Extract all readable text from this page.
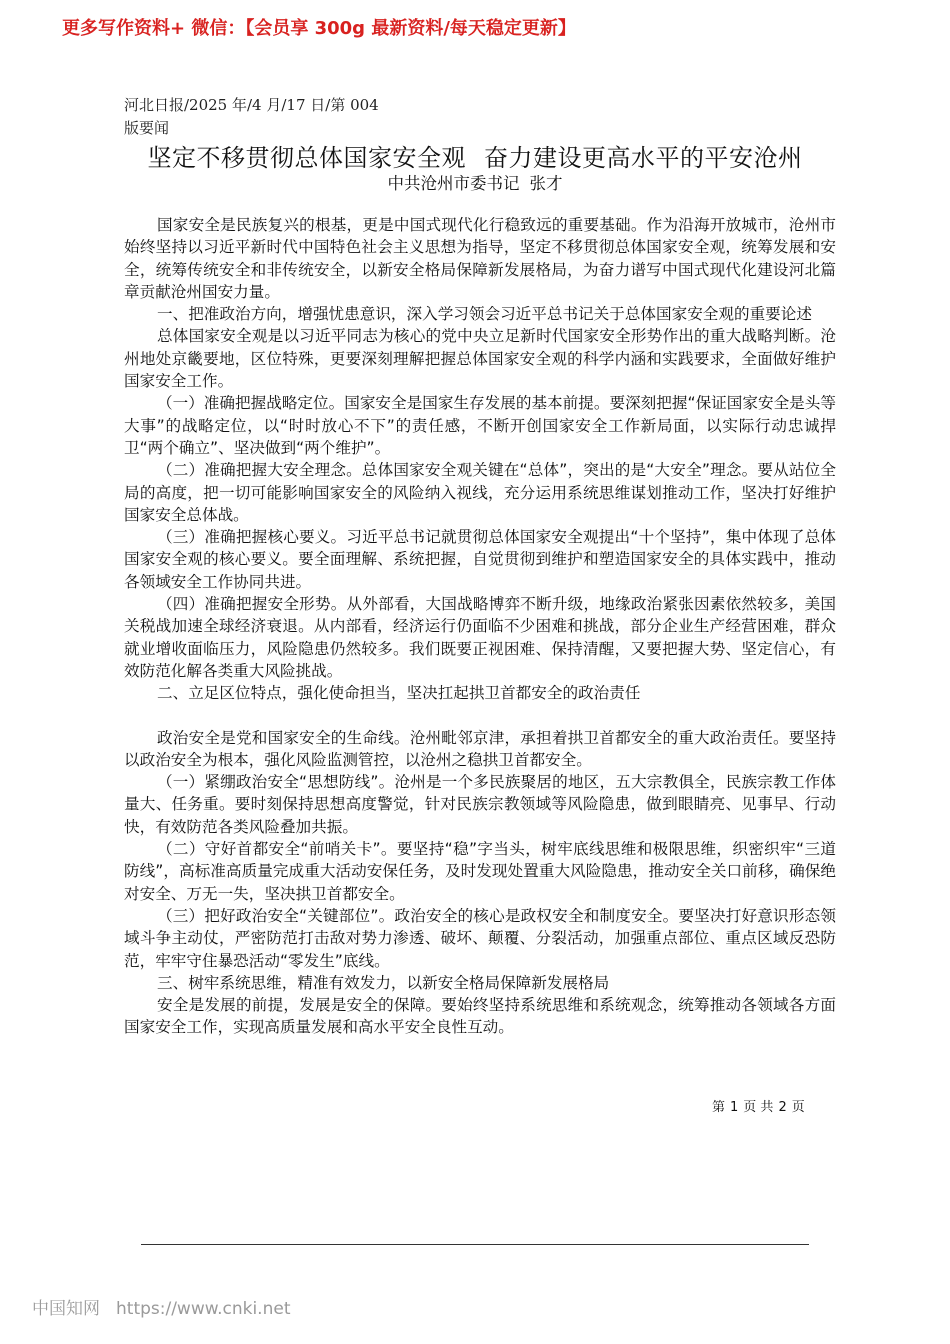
更多写作资料+ 微信：【会员享 300g 最新资料/每天稳定更新】
河北日报/2025 年/4 月/17 日/第 004
版要闻
坚定不移贯彻总体国家安全观 奋力建设更高水平的平安沧州
中共沧州市委书记 张才

国家安全是民族复兴的根基，更是中国式现代化行稳致远的重要基础。作为沿海开放城市，沧州市始终坚持以习近平新时代中国特色社会主义思想为指导，坚定不移贯彻总体国家安全观，统筹发展和安全，统筹传统安全和非传统安全，以新安全格局保障新发展格局，为奋力谱写中国式现代化建设河北篇章贡献沧州国安力量。

一、把准政治方向，增强忧患意识，深入学习领会习近平总书记关于总体国家安全观的重要论述

总体国家安全观是以习近平同志为核心的党中央立足新时代国家安全形势作出的重大战略判断。沧州地处京畿要地，区位特殊，更要深刻理解把握总体国家安全观的科学内涵和实践要求，全面做好维护国家安全工作。

（一）准确把握战略定位。国家安全是国家生存发展的基本前提。要深刻把握“保证国家安全是头等大事”的战略定位，以“时时放心不下”的责任感，不断开创国家安全工作新局面，以实际行动忠诚捍卫“两个确立”、坚决做到“两个维护”。

（二）准确把握大安全理念。总体国家安全观关键在“总体”，突出的是“大安全”理念。要从站位全局的高度，把一切可能影响国家安全的风险纳入视线，充分运用系统思维谋划推动工作，坚决打好维护国家安全总体战。

（三）准确把握核心要义。习近平总书记就贯彻总体国家安全观提出“十个坚持”，集中体现了总体国家安全观的核心要义。要全面理解、系统把握，自觉贯彻到维护和塑造国家安全的具体实践中，推动各领域安全工作协同共进。

（四）准确把握安全形势。从外部看，大国战略博弈不断升级，地缘政治紧张因素依然较多，美国关税战加速全球经济衰退。从内部看，经济运行仍面临不少困难和挑战，部分企业生产经营困难，群众就业增收面临压力，风险隐患仍然较多。我们既要正视困难、保持清醒，又要把握大势、坚定信心，有效防范化解各类重大风险挑战。

二、立足区位特点，强化使命担当，坚决扛起拱卫首都安全的政治责任

政治安全是党和国家安全的生命线。沧州毗邻京津，承担着拱卫首都安全的重大政治责任。要坚持以政治安全为根本，强化风险监测管控，以沧州之稳拱卫首都安全。

（一）紧绷政治安全“思想防线”。沧州是一个多民族聚居的地区，五大宗教俱全，民族宗教工作体量大、任务重。要时刻保持思想高度警觉，针对民族宗教领域等风险隐患，做到眼睛亮、见事早、行动快，有效防范各类风险叠加共振。

（二）守好首都安全“前哨关卡”。要坚持“稳”字当头，树牢底线思维和极限思维，织密织牢“三道防线”，高标准高质量完成重大活动安保任务，及时发现处置重大风险隐患，推动安全关口前移，确保绝对安全、万无一失，坚决拱卫首都安全。

（三）把好政治安全“关键部位”。政治安全的核心是政权安全和制度安全。要坚决打好意识形态领域斗争主动仗，严密防范打击敌对势力渗透、破坏、颠覆、分裂活动，加强重点部位、重点区域反恐防范，牢牢守住暴恐活动“零发生”底线。

三、树牢系统思维，精准有效发力，以新安全格局保障新发展格局

安全是发展的前提，发展是安全的保障。要始终坚持系统思维和系统观念，统筹推动各领域各方面国家安全工作，实现高质量发展和高水平安全良性互动。

第 1 页 共 2 页
中国知网 https://www.cnki.net
